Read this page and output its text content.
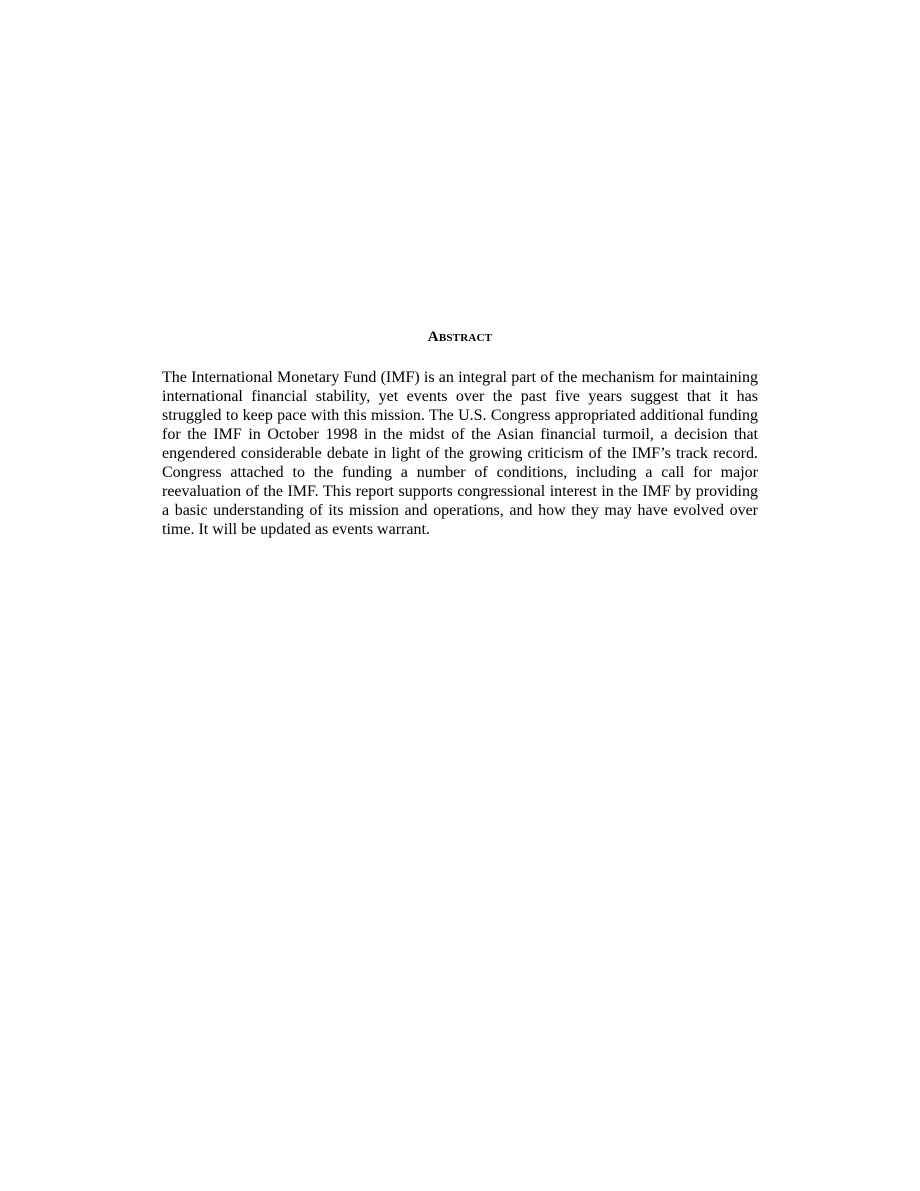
Abstract

The International Monetary Fund (IMF) is an integral part of the mechanism for maintaining international financial stability, yet events over the past five years suggest that it has struggled to keep pace with this mission. The U.S. Congress appropriated additional funding for the IMF in October 1998 in the midst of the Asian financial turmoil, a decision that engendered considerable debate in light of the growing criticism of the IMF’s track record. Congress attached to the funding a number of conditions, including a call for major reevaluation of the IMF. This report supports congressional interest in the IMF by providing a basic understanding of its mission and operations, and how they may have evolved over time. It will be updated as events warrant.
